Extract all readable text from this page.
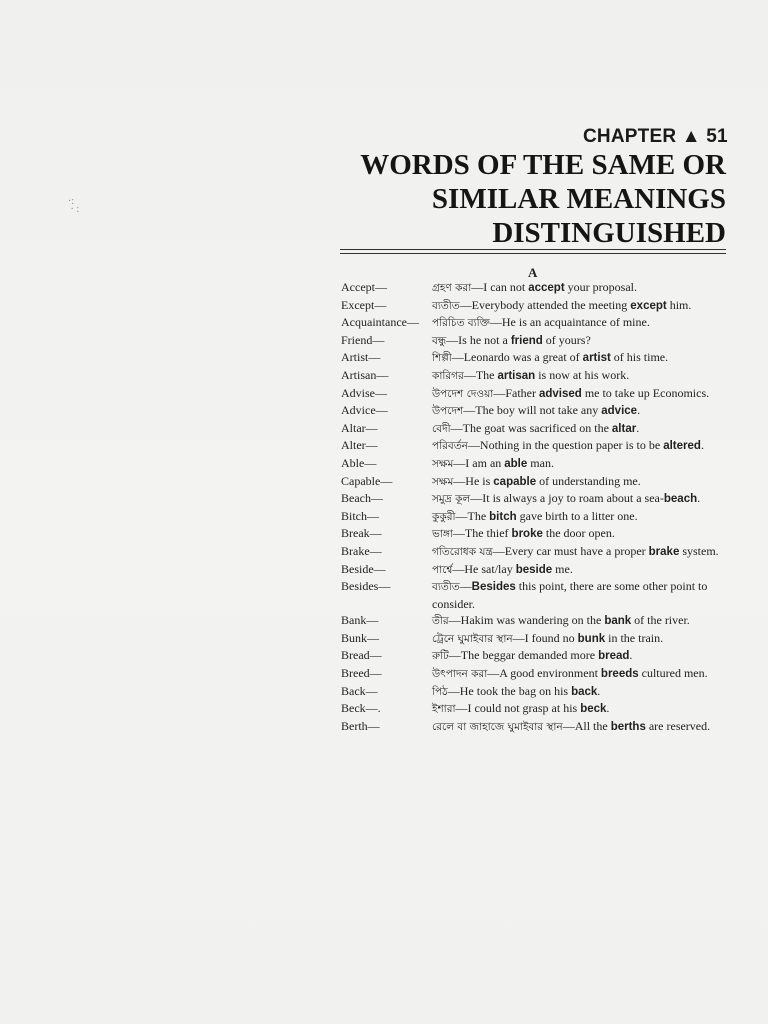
·:
· :
CHAPTER ▲ 51
WORDS OF THE SAME OR
SIMILAR MEANINGS
DISTINGUISHED
A
Accept—	গ্রহণ করা—I can not accept your proposal.
Except—	ব্যতীত—Everybody attended the meeting except him.
Acquaintance—	পরিচিত ব্যক্তি—He is an acquaintance of mine.
Friend—	বন্ধু—Is he not a friend of yours?
Artist—	শিল্পী—Leonardo was a great of artist of his time.
Artisan—	কারিগর—The artisan is now at his work.
Advise—	উপদেশ দেওয়া—Father advised me to take up Economics.
Advice—	উপদেশ—The boy will not take any advice.
Altar—	বেদী—The goat was sacrificed on the altar.
Alter—	পরিবর্তন—Nothing in the question paper is to be altered.
Able—	সক্ষম—I am an able man.
Capable—	সক্ষম—He is capable of understanding me.
Beach—	সমুদ্র কূল—It is always a joy to roam about a sea-beach.
Bitch—	কুকুরী—The bitch gave birth to a litter one.
Break—	ভাঙ্গা—The thief broke the door open.
Brake—	গতিরোধক যন্ত্র—Every car must have a proper brake system.
Beside—	পার্শ্বে—He sat/lay beside me.
Besides—	ব্যতীত—Besides this point, there are some other point to consider.
Bank—	তীর—Hakim was wandering on the bank of the river.
Bunk—	ট্রেনে ঘুমাইবার স্থান—I found no bunk in the train.
Bread—	রুটি—The beggar demanded more bread.
Breed—	উৎপাদন করা—A good environment breeds cultured men.
Back—	পিঠ—He took the bag on his back.
Beck—.	ইশারা—I could not grasp at his beck.
Berth—	রেলে বা জাহাজে ঘুমাইবার স্থান—All the berths are reserved.
